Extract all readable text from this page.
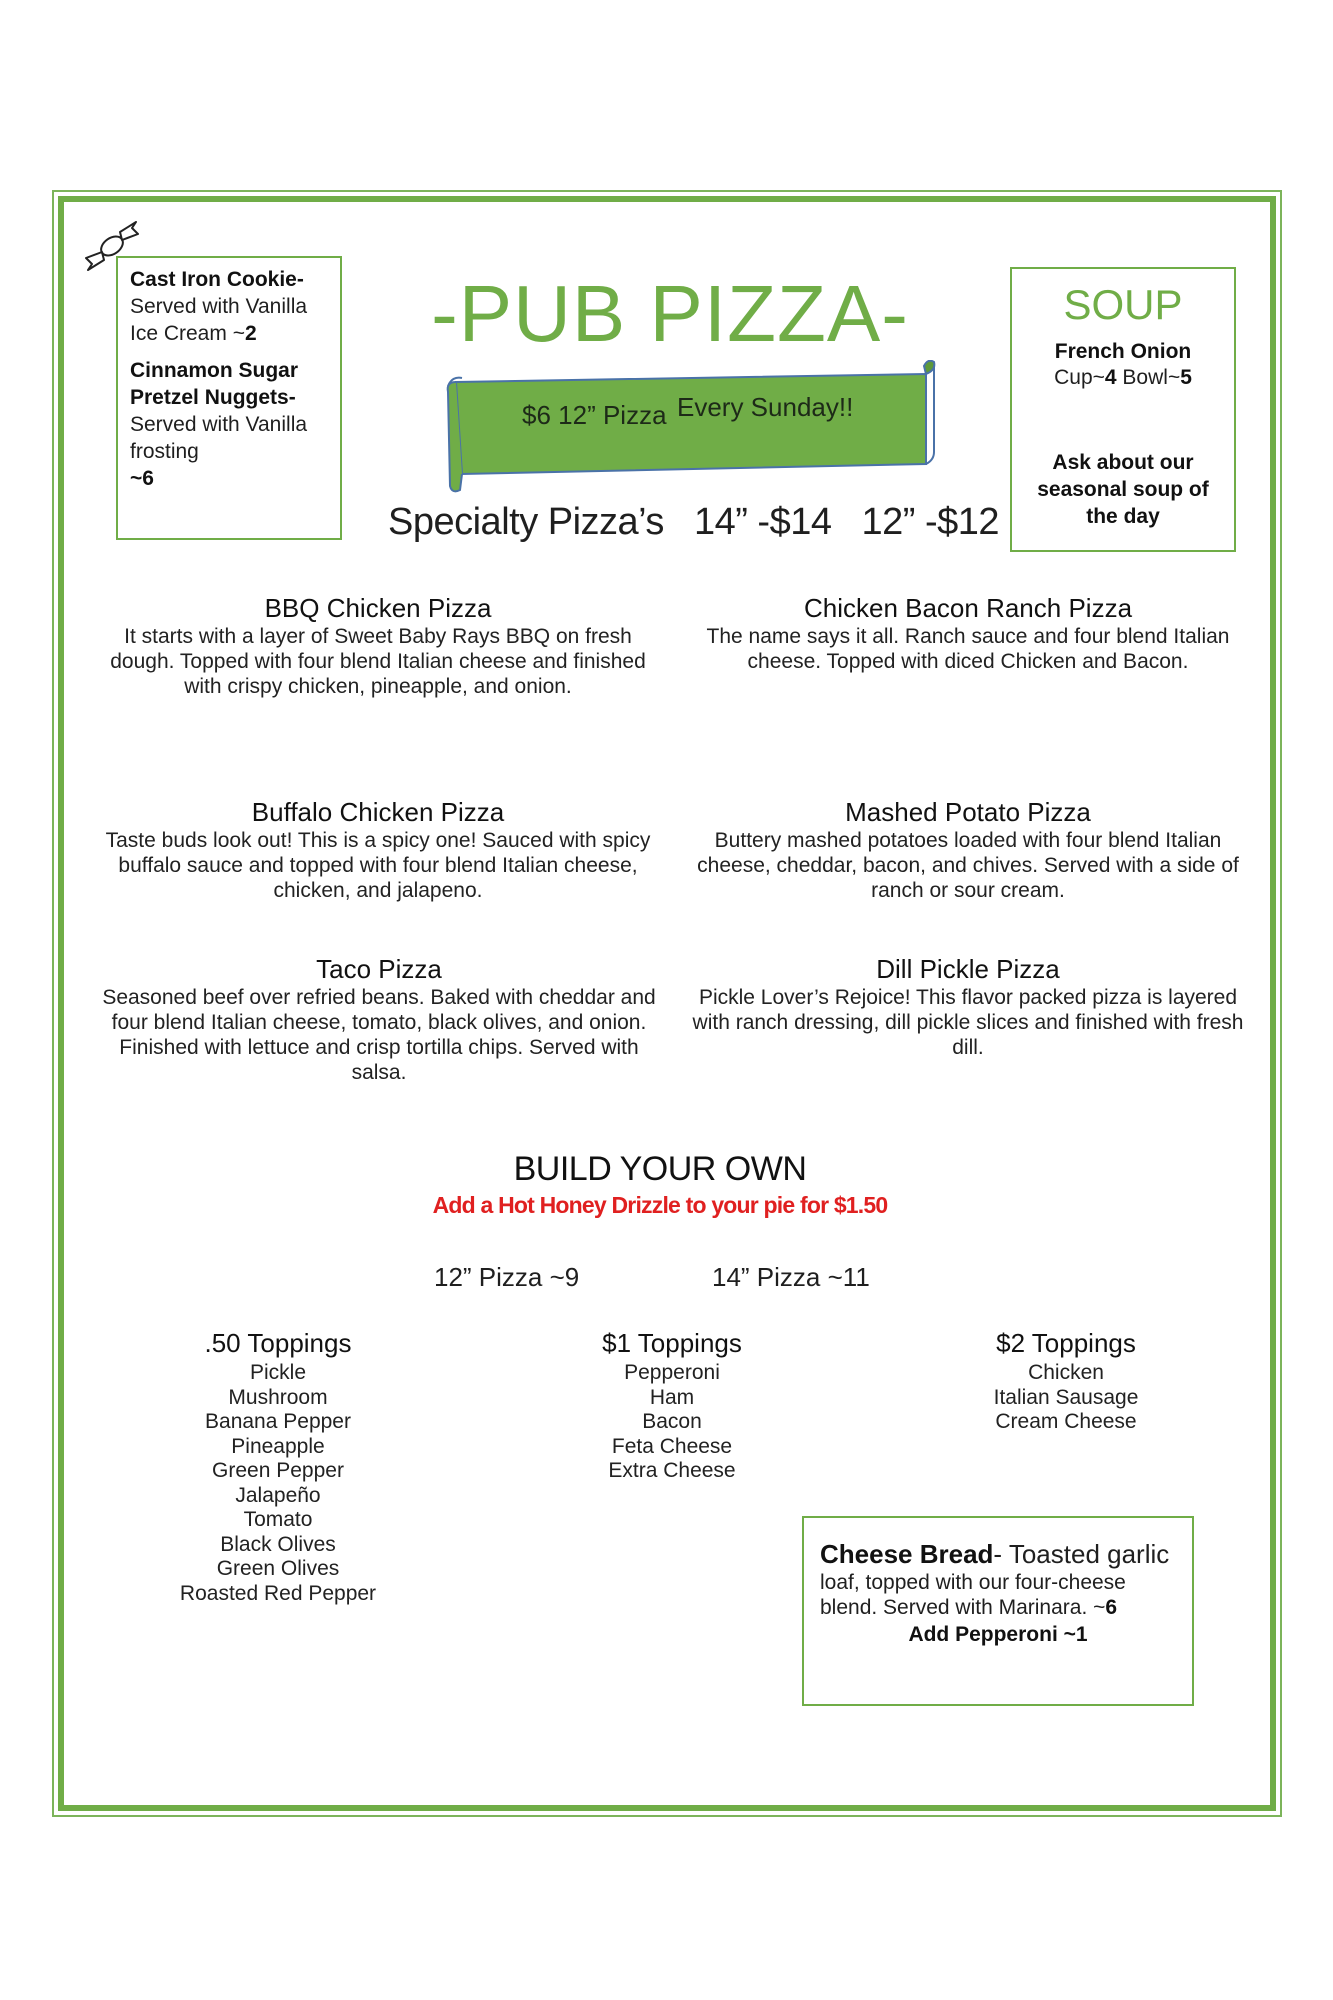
Cast Iron Cookie- Served with Vanilla Ice Cream ~2

Cinnamon Sugar Pretzel Nuggets-
Served with Vanilla frosting
~6

-PUB PIZZA-
$6 12” Pizza Every Sunday!!
Specialty Pizza’s 14” -$14 12” -$12
SOUP
French Onion
Cup~4 Bowl~5
Ask about our seasonal soup of the day
BBQ Chicken Pizza

It starts with a layer of Sweet Baby Rays BBQ on fresh dough. Topped with four blend Italian cheese and finished with crispy chicken, pineapple, and onion.

Chicken Bacon Ranch Pizza

The name says it all. Ranch sauce and four blend Italian cheese. Topped with diced Chicken and Bacon.

Buffalo Chicken Pizza

Taste buds look out! This is a spicy one! Sauced with spicy buffalo sauce and topped with four blend Italian cheese, chicken, and jalapeno.

Mashed Potato Pizza

Buttery mashed potatoes loaded with four blend Italian cheese, cheddar, bacon, and chives. Served with a side of ranch or sour cream.

Taco Pizza

Seasoned beef over refried beans. Baked with cheddar and four blend Italian cheese, tomato, black olives, and onion. Finished with lettuce and crisp tortilla chips. Served with salsa.

Dill Pickle Pizza

Pickle Lover’s Rejoice! This flavor packed pizza is layered with ranch dressing, dill pickle slices and finished with fresh dill.

BUILD YOUR OWN
Add a Hot Honey Drizzle to your pie for $1.50
12” Pizza ~9	14” Pizza ~11
.50 Toppings
Pickle
Mushroom
Banana Pepper
Pineapple
Green Pepper
Jalapeño
Tomato
Black Olives
Green Olives
Roasted Red Pepper
$1 Toppings
Pepperoni
Ham
Bacon
Feta Cheese
Extra Cheese
$2 Toppings
Chicken
Italian Sausage
Cream Cheese
Cheese Bread- Toasted garlic
loaf, topped with our four-cheese blend. Served with Marinara. ~6
Add Pepperoni ~1
